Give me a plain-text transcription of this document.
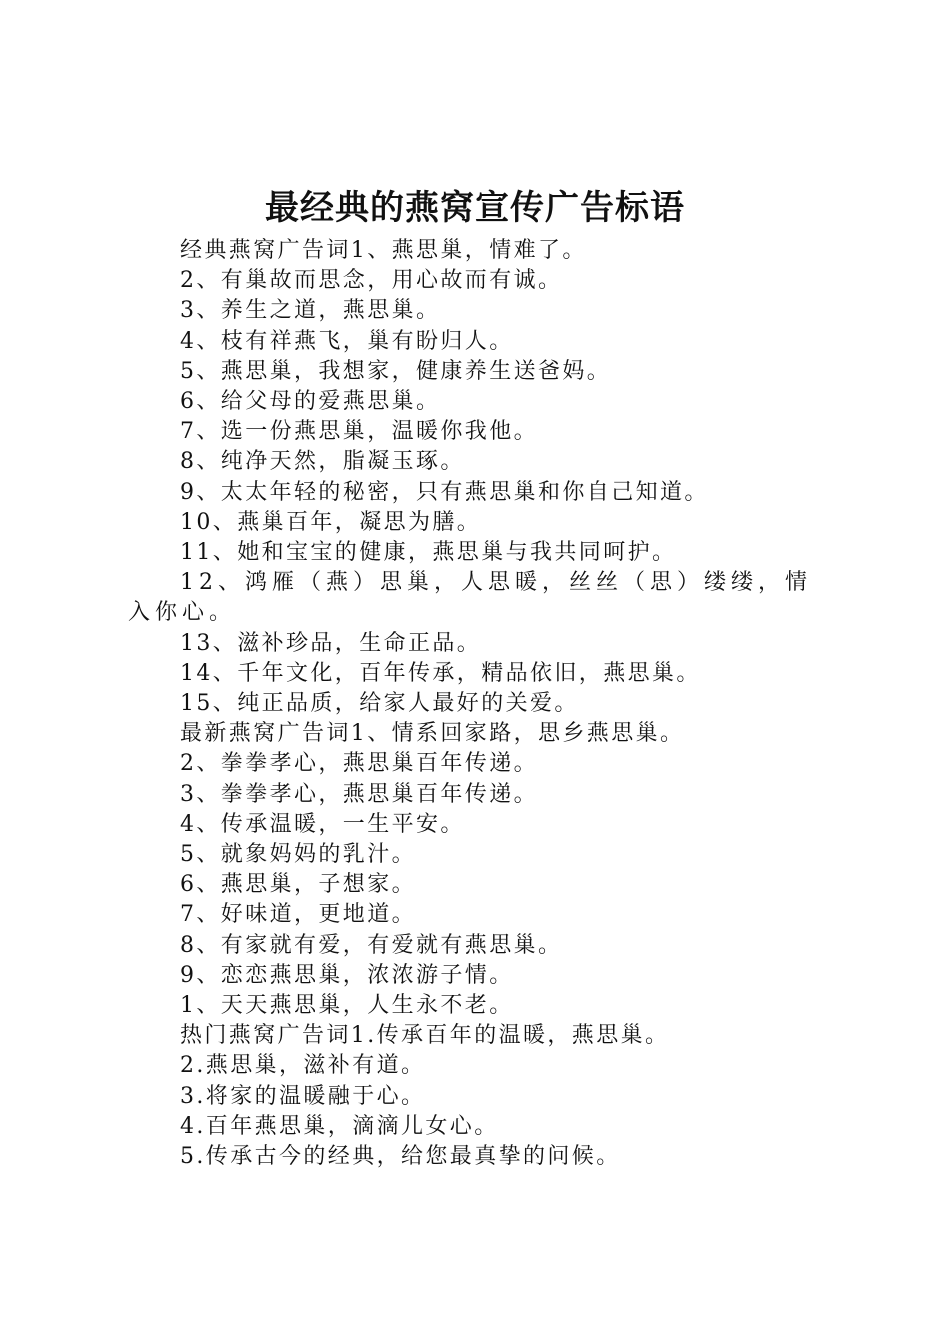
最经典的燕窝宣传广告标语

经典燕窝广告词1、燕思巢，情难了。

2、有巢故而思念，用心故而有诚。

3、养生之道，燕思巢。

4、枝有祥燕飞，巢有盼归人。

5、燕思巢，我想家，健康养生送爸妈。

6、给父母的爱燕思巢。

7、选一份燕思巢，温暖你我他。

8、纯净天然，脂凝玉琢。

9、太太年轻的秘密，只有燕思巢和你自己知道。

10、燕巢百年，凝思为膳。

11、她和宝宝的健康，燕思巢与我共同呵护。

12、鸿雁（燕）思巢，人思暖，丝丝（思）缕缕，情入你心。

13、滋补珍品，生命正品。

14、千年文化，百年传承，精品依旧，燕思巢。

15、纯正品质，给家人最好的关爱。

最新燕窝广告词1、情系回家路，思乡燕思巢。

2、拳拳孝心，燕思巢百年传递。

3、拳拳孝心，燕思巢百年传递。

4、传承温暖，一生平安。

5、就象妈妈的乳汁。

6、燕思巢，子想家。

7、好味道，更地道。

8、有家就有爱，有爱就有燕思巢。

9、恋恋燕思巢，浓浓游子情。

1、天天燕思巢，人生永不老。

热门燕窝广告词1.传承百年的温暖，燕思巢。

2.燕思巢，滋补有道。

3.将家的温暖融于心。

4.百年燕思巢，滴滴儿女心。

5.传承古今的经典，给您最真挚的问候。
